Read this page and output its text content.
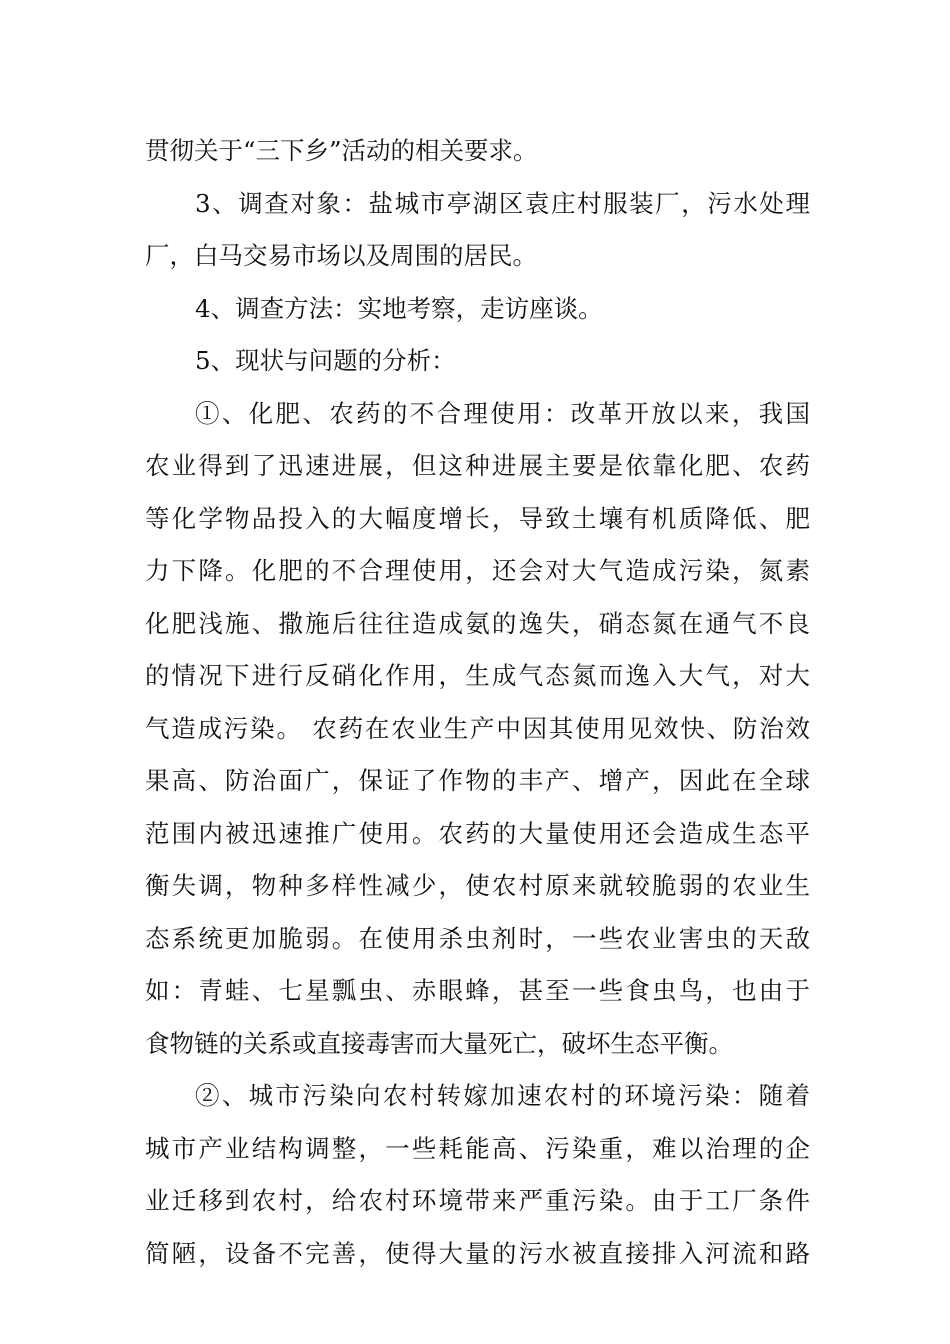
贯彻关于“三下乡”活动的相关要求。
3、调查对象：盐城市亭湖区袁庄村服装厂，污水处理
厂，白马交易市场以及周围的居民。
4、调查方法：实地考察，走访座谈。
5、现状与问题的分析：
①、化肥、农药的不合理使用：改革开放以来，我国
农业得到了迅速进展，但这种进展主要是依靠化肥、农药
等化学物品投入的大幅度增长，导致土壤有机质降低、肥
力下降。化肥的不合理使用，还会对大气造成污染，氮素
化肥浅施、撒施后往往造成氨的逸失，硝态氮在通气不良
的情况下进行反硝化作用，生成气态氮而逸入大气，对大
气造成污染。 农药在农业生产中因其使用见效快、防治效
果高、防治面广，保证了作物的丰产、增产，因此在全球
范围内被迅速推广使用。农药的大量使用还会造成生态平
衡失调，物种多样性减少，使农村原来就较脆弱的农业生
态系统更加脆弱。在使用杀虫剂时，一些农业害虫的天敌
如：青蛙、七星瓢虫、赤眼蜂，甚至一些食虫鸟，也由于
食物链的关系或直接毒害而大量死亡，破坏生态平衡。
②、城市污染向农村转嫁加速农村的环境污染：随着
城市产业结构调整，一些耗能高、污染重，难以治理的企
业迁移到农村，给农村环境带来严重污染。由于工厂条件
简陋，设备不完善，使得大量的污水被直接排入河流和路
